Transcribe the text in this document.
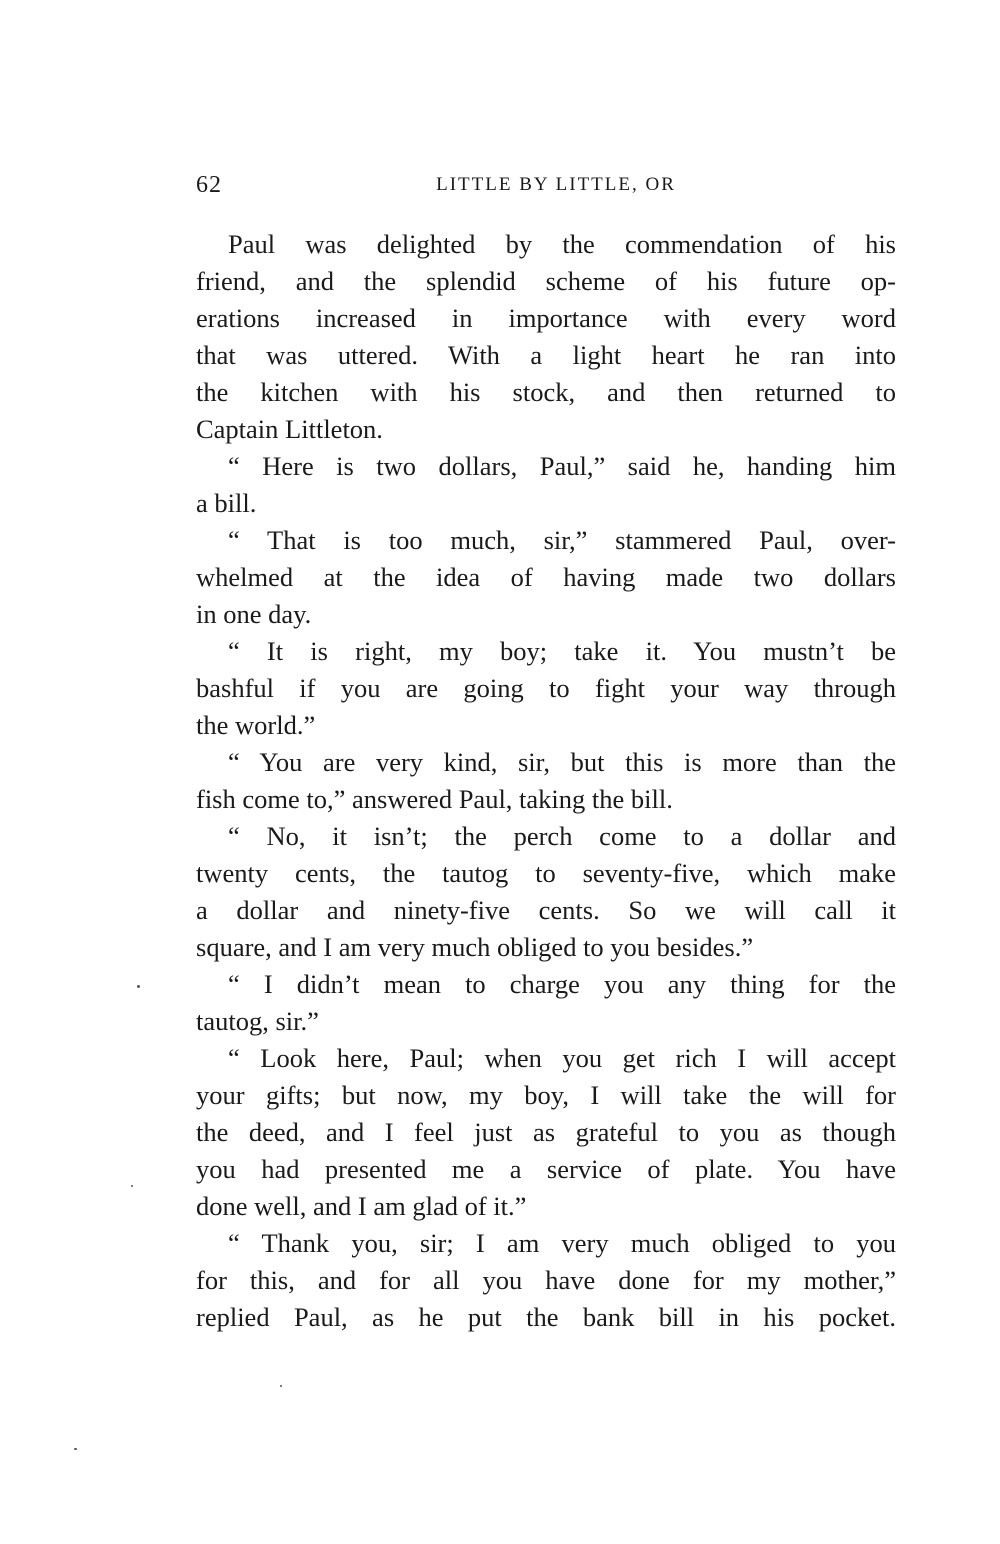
62	LITTLE BY LITTLE, OR
Paul was delighted by the commendation of his
friend, and the splendid scheme of his future op-
erations increased in importance with every word
that was uttered. With a light heart he ran into
the kitchen with his stock, and then returned to
Captain Littleton.
“ Here is two dollars, Paul,” said he, handing him
a bill.
“ That is too much, sir,” stammered Paul, over-
whelmed at the idea of having made two dollars
in one day.
“ It is right, my boy; take it. You mustn’t be
bashful if you are going to fight your way through
the world.”
“ You are very kind, sir, but this is more than the
fish come to,” answered Paul, taking the bill.
“ No, it isn’t; the perch come to a dollar and
twenty cents, the tautog to seventy-five, which make
a dollar and ninety-five cents. So we will call it
square, and I am very much obliged to you besides.”
“ I didn’t mean to charge you any thing for the
tautog, sir.”
“ Look here, Paul; when you get rich I will accept
your gifts; but now, my boy, I will take the will for
the deed, and I feel just as grateful to you as though
you had presented me a service of plate. You have
done well, and I am glad of it.”
“ Thank you, sir; I am very much obliged to you
for this, and for all you have done for my mother,”
replied Paul, as he put the bank bill in his pocket.
